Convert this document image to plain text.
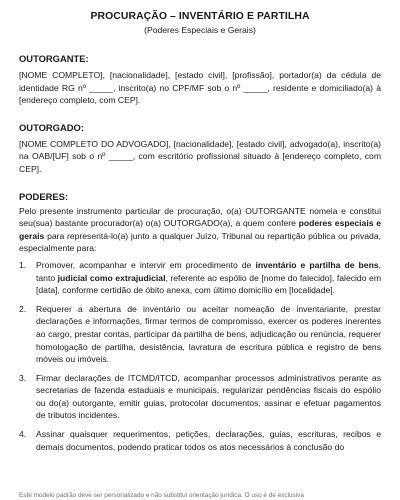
PROCURAÇÃO – INVENTÁRIO E PARTILHA

(Poderes Especiais e Gerais)

OUTORGANTE:

[NOME COMPLETO], [nacionalidade], [estado civil], [profissão], portador(a) da cédula de identidade RG nº _____, inscrito(a) no CPF/MF sob o nº _____, residente e domiciliado(a) à [endereço completo, com CEP].

OUTORGADO:

[NOME COMPLETO DO ADVOGADO], [nacionalidade], [estado civil], advogado(a), inscrito(a) na OAB/[UF] sob o nº _____, com escritório profissional situado à [endereço completo, com CEP].

PODERES:

Pelo presente instrumento particular de procuração, o(a) OUTORGANTE nomeia e constitui seu(sua) bastante procurador(a) o(a) OUTORGADO(a), a quem confere poderes especiais e gerais para representá-lo(a) junto a qualquer Juízo, Tribunal ou repartição pública ou privada, especialmente para:

1. Promover, acompanhar e intervir em procedimento de inventário e partilha de bens, tanto judicial como extrajudicial, referente ao espólio de [nome do falecido], falecido em [data], conforme certidão de óbito anexa, com último domicílio em [localidade].
2. Requerer a abertura de inventário ou aceitar nomeação de inventariante, prestar declarações e informações, firmar termos de compromisso, exercer os poderes inerentes ao cargo, prestar contas, participar da partilha de bens, adjudicação ou renúncia, requerer homologação de partilha, desistência, lavratura de escritura pública e registro de bens móveis ou imóveis.
3. Firmar declarações de ITCMD/ITCD, acompanhar processos administrativos perante as secretarias de fazenda estaduais e municipais, regularizar pendências fiscais do espólio ou do(a) outorgante, emitir guias, protocolar documentos, assinar e efetuar pagamentos de tributos incidentes.
4. Assinar quaisquer requerimentos, petições, declarações, guias, escrituras, recibos e demais documentos, podendo praticar todos os atos necessários à conclusão do
Este modelo padrão deve ser personalizado e não substitui orientação jurídica. O uso é de exclusiva
